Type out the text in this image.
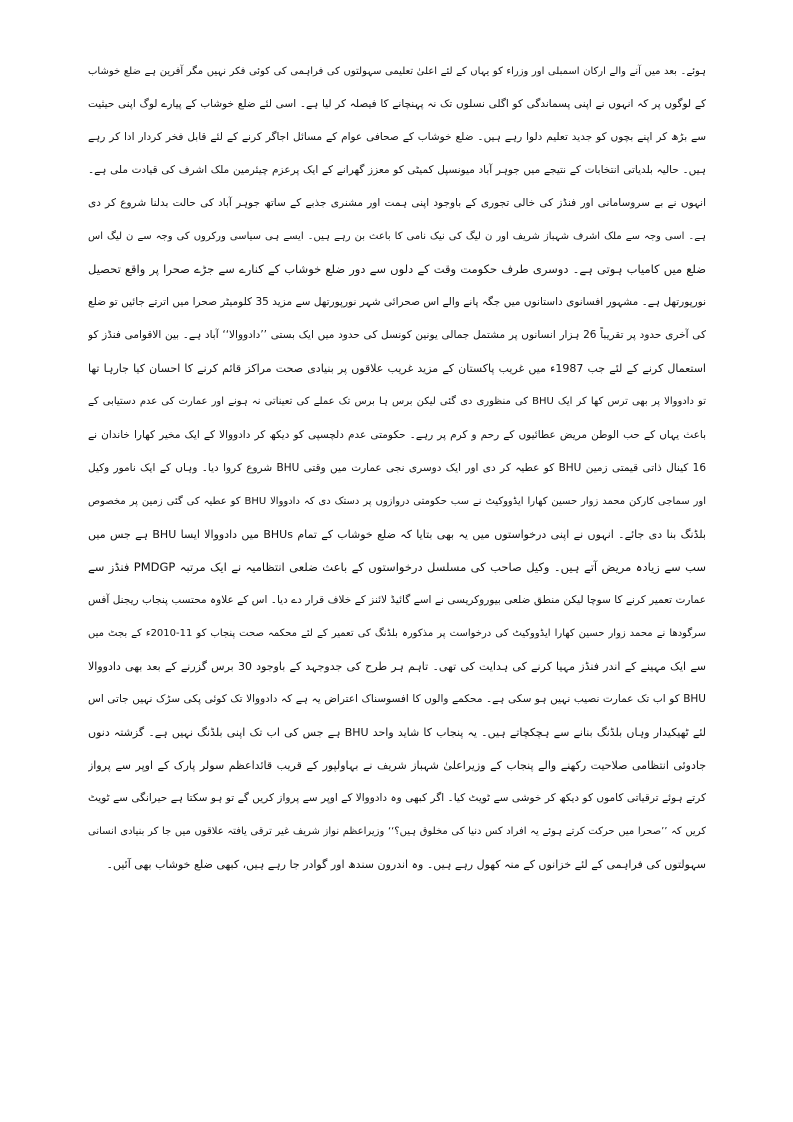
ہوئے۔ بعد میں آنے والے ارکان اسمبلی اور وزراء کو یہاں کے لئے اعلیٰ تعلیمی سہولتوں کی فراہمی کی کوئی فکر نہیں مگر آفرین ہے ضلع خوشاب
کے لوگوں پر کہ انہوں نے اپنی پسماندگی کو اگلی نسلوں تک نہ پہنچانے کا فیصلہ کر لیا ہے۔ اسی لئے ضلع خوشاب کے پیارے لوگ اپنی حیثیت
سے بڑھ کر اپنے بچوں کو جدید تعلیم دلوا رہے ہیں۔ ضلع خوشاب کے صحافی عوام کے مسائل اجاگر کرنے کے لئے قابل فخر کردار ادا کر رہے
ہیں۔ حالیہ بلدیاتی انتخابات کے نتیجے میں جوہر آباد میونسپل کمیٹی کو معزز گھرانے کے ایک پرعزم چیئرمین ملک اشرف کی قیادت ملی ہے۔
انہوں نے بے سروسامانی اور فنڈز کی خالی تجوری کے باوجود اپنی ہمت اور مشنری جذبے کے ساتھ جوہر آباد کی حالت بدلنا شروع کر دی
ہے۔ اسی وجہ سے ملک اشرف شہباز شریف اور ن لیگ کی نیک نامی کا باعث بن رہے ہیں۔ ایسے ہی سیاسی ورکروں کی وجہ سے ن لیگ اس
ضلع میں کامیاب ہوتی ہے۔ دوسری طرف حکومت وقت کے دلوں سے دور ضلع خوشاب کے کنارے سے جڑے صحرا پر واقع تحصیل
نورپورتھل ہے۔ مشہور افسانوی داستانوں میں جگہ پانے والے اس صحرائی شہر نورپورتھل سے مزید 35 کلومیٹر صحرا میں اترتے جائیں تو ضلع
کی آخری حدود پر تقریباً 26 ہزار انسانوں پر مشتمل جمالی یونین کونسل کی حدود میں ایک بستی ’’دادووالا‘‘ آباد ہے۔ بین الاقوامی فنڈز کو
استعمال کرنے کے لئے جب 1987ء میں غریب پاکستان کے مزید غریب علاقوں پر بنیادی صحت مراکز قائم کرنے کا احسان کیا جارہا تھا
تو دادووالا پر بھی ترس کھا کر ایک BHU کی منظوری دی گئی لیکن برس ہا برس تک عملے کی تعیناتی نہ ہونے اور عمارت کی عدم دستیابی کے
باعث یہاں کے حب الوطن مریض عطائیوں کے رحم و کرم پر رہے۔ حکومتی عدم دلچسپی کو دیکھ کر دادووالا کے ایک مخیر کھارا خاندان نے
16 کینال ذاتی قیمتی زمین BHU کو عطیہ کر دی اور ایک دوسری نجی عمارت میں وقتی BHU شروع کروا دیا۔ وہاں کے ایک نامور وکیل
اور سماجی کارکن محمد زوار حسین کھارا ایڈووکیٹ نے سب حکومتی دروازوں پر دستک دی کہ دادووالا BHU کو عطیہ کی گئی زمین پر مخصوص
بلڈنگ بنا دی جائے۔ انہوں نے اپنی درخواستوں میں یہ بھی بتایا کہ ضلع خوشاب کے تمام BHUs میں دادووالا ایسا BHU ہے جس میں
سب سے زیادہ مریض آتے ہیں۔ وکیل صاحب کی مسلسل درخواستوں کے باعث ضلعی انتظامیہ نے ایک مرتبہ PMDGP فنڈز سے
عمارت تعمیر کرنے کا سوچا لیکن منطق ضلعی بیوروکریسی نے اسے گائیڈ لائنز کے خلاف قرار دے دیا۔ اس کے علاوہ محتسب پنجاب ریجنل آفس
سرگودھا نے محمد زوار حسین کھارا ایڈووکیٹ کی درخواست پر مذکورہ بلڈنگ کی تعمیر کے لئے محکمہ صحت پنجاب کو 11-2010ء کے بجٹ میں
سے ایک مہینے کے اندر فنڈز مہیا کرنے کی ہدایت کی تھی۔ تاہم ہر طرح کی جدوجہد کے باوجود 30 برس گزرنے کے بعد بھی دادووالا
BHU کو اب تک عمارت نصیب نہیں ہو سکی ہے۔ محکمے والوں کا افسوسناک اعتراض یہ ہے کہ دادووالا تک کوئی پکی سڑک نہیں جاتی اس
لئے ٹھیکیدار وہاں بلڈنگ بنانے سے ہچکچاتے ہیں۔ یہ پنجاب کا شاید واحد BHU ہے جس کی اب تک اپنی بلڈنگ نہیں ہے۔ گزشتہ دنوں
جادوئی انتظامی صلاحیت رکھنے والے پنجاب کے وزیراعلیٰ شہباز شریف نے بہاولپور کے قریب قائداعظم سولر پارک کے اوپر سے پرواز
کرتے ہوئے ترقیاتی کاموں کو دیکھ کر خوشی سے ٹویٹ کیا۔ اگر کبھی وہ دادووالا کے اوپر سے پرواز کریں گے تو ہو سکتا ہے حیرانگی سے ٹویٹ
کریں کہ ’’صحرا میں حرکت کرتے ہوئے یہ افراد کس دنیا کی مخلوق ہیں؟‘‘ وزیراعظم نواز شریف غیر ترقی یافتہ علاقوں میں جا کر بنیادی انسانی
سہولتوں کی فراہمی کے لئے خزانوں کے منہ کھول رہے ہیں۔ وہ اندرون سندھ اور گوادر جا رہے ہیں، کبھی ضلع خوشاب بھی آئیں۔
